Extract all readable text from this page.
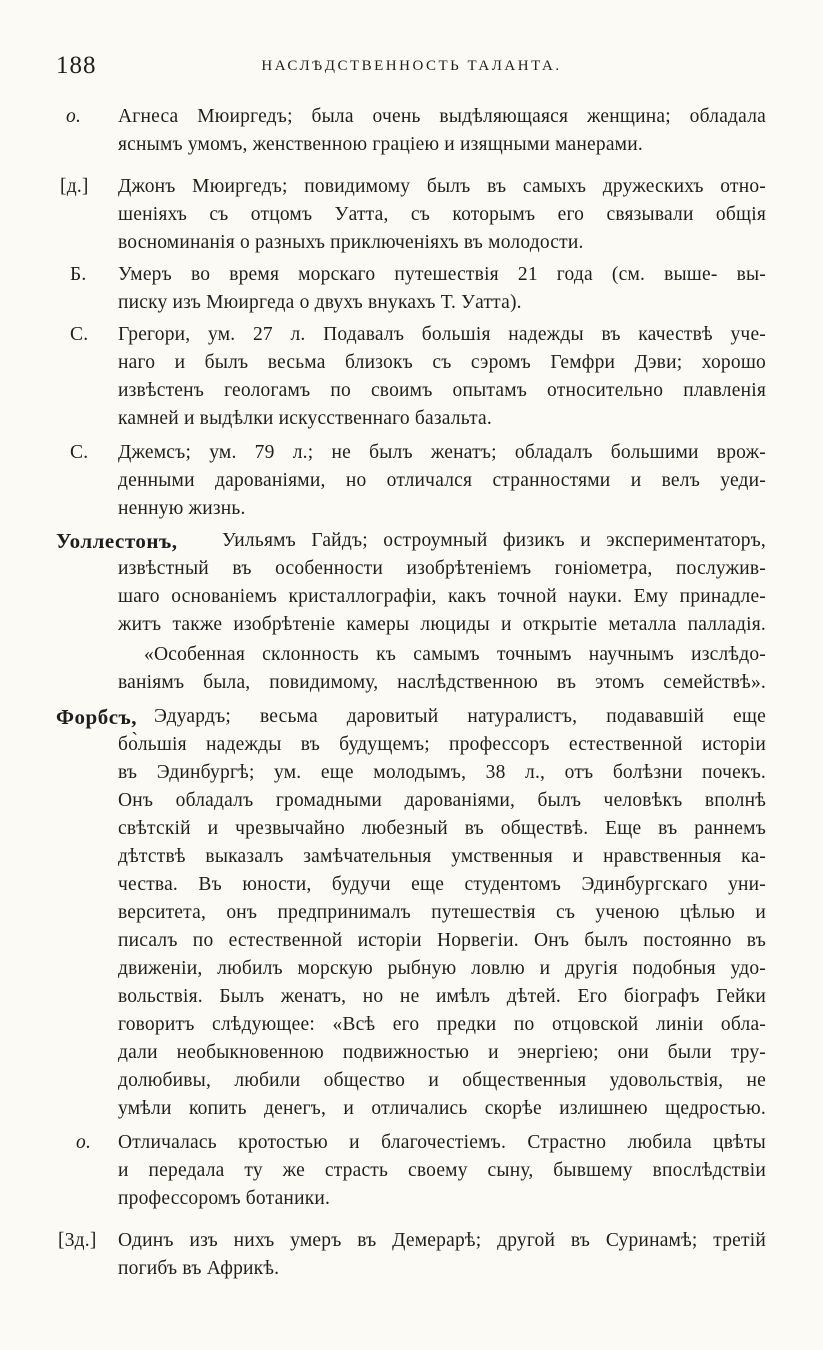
188	НАСЛѢДСТВЕННОСТЬ ТАЛАНТА.
о.	Агнеса Мюиргедъ; была очень выдѣляющаяся женщина; обладала
яснымъ умомъ, женственною граціею и изящными манерами.
[д.]	Джонъ Мюиргедъ; повидимому былъ въ самыхъ дружескихъ отно-
шеніяхъ съ отцомъ Уатта, съ которымъ его связывали общія
восноминанія о разныхъ приключеніяхъ въ молодости.
Б.	Умеръ во время морскаго путешествія 21 года (см. выше- вы-
писку изъ Мюиргеда о двухъ внукахъ Т. Уатта).
С.	Грегори, ум. 27 л. Подавалъ большія надежды въ качествѣ уче-
наго и былъ весьма близокъ съ сэромъ Гемфри Дэви; хорошо
извѣстенъ геологамъ по своимъ опытамъ относительно плавленія
камней и выдѣлки искусственнаго базальта.
С.	Джемсъ; ум. 79 л.; не былъ женатъ; обладалъ большими врож-
денными дарованіями, но отличался странностями и велъ уеди-
ненную жизнь.
Уоллестонъ, Уильямъ Гайдъ; остроумный физикъ и экспериментаторъ,
извѣстный въ особенности изобрѣтеніемъ гоніометра, послужив-
шаго основаніемъ кристаллографіи, какъ точной науки. Ему принадле-
житъ также изобрѣтеніе камеры люциды и открытіе металла палладія.
«Особенная склонность къ самымъ точнымъ научнымъ изслѣдо-
ваніямъ была, повидимому, наслѣдственною въ этомъ семействѣ».
Форбсъ, Эдуардъ; весьма даровитый натуралистъ, подававшій еще
бо̀льшія надежды въ будущемъ; профессоръ естественной исторіи
въ Эдинбургѣ; ум. еще молодымъ, 38 л., отъ болѣзни почекъ.
Онъ обладалъ громадными дарованіями, былъ человѣкъ вполнѣ
свѣтскій и чрезвычайно любезный въ обществѣ. Еще въ раннемъ
дѣтствѣ выказалъ замѣчательныя умственныя и нравственныя ка-
чества. Въ юности, будучи еще студентомъ Эдинбургскаго уни-
верситета, онъ предпринималъ путешествія съ ученою цѣлью и
писалъ по естественной исторіи Норвегіи. Онъ былъ постоянно въ
движеніи, любилъ морскую рыбную ловлю и другія подобныя удо-
вольствія. Былъ женатъ, но не имѣлъ дѣтей. Его біографъ Гейки
говоритъ слѣдующее: «Всѣ его предки по отцовской линіи обла-
дали необыкновенною подвижностью и энергіею; они были тру-
долюбивы, любили общество и общественныя удовольствія, не
умѣли копить денегъ, и отличались скорѣе излишнею щедростью.
о.	Отличалась кротостью и благочестіемъ. Страстно любила цвѣты
и передала ту же страсть своему сыну, бывшему впослѣдствіи
профессоромъ ботаники.
[3д.] Одинъ изъ нихъ умеръ въ Демерарѣ; другой въ Суринамѣ; третій
погибъ въ Африкѣ.
